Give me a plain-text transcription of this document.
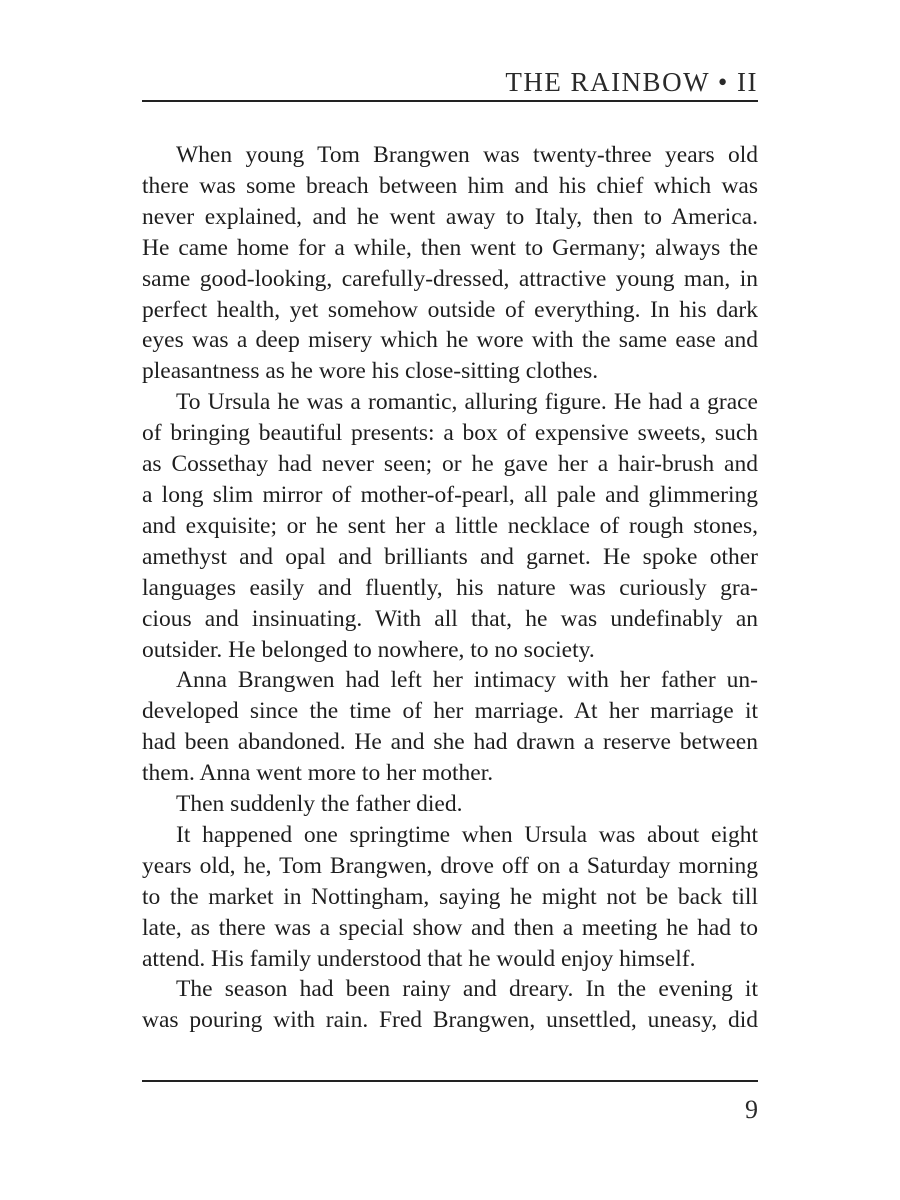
THE RAINBOW • II

When young Tom Brangwen was twenty-three years old
there was some breach between him and his chief which was
never explained, and he went away to Italy, then to America.
He came home for a while, then went to Germany; always the
same good-looking, carefully-dressed, attractive young man, in
perfect health, yet somehow outside of everything. In his dark
eyes was a deep misery which he wore with the same ease and
pleasantness as he wore his close-sitting clothes.

To Ursula he was a romantic, alluring figure. He had a grace
of bringing beautiful presents: a box of expensive sweets, such
as Cossethay had never seen; or he gave her a hair-brush and
a long slim mirror of mother-of-pearl, all pale and glimmering
and exquisite; or he sent her a little necklace of rough stones,
amethyst and opal and brilliants and garnet. He spoke other
languages easily and fluently, his nature was curiously gra-
cious and insinuating. With all that, he was undefinably an
outsider. He belonged to nowhere, to no society.

Anna Brangwen had left her intimacy with her father un-
developed since the time of her marriage. At her marriage it
had been abandoned. He and she had drawn a reserve between
them. Anna went more to her mother.

Then suddenly the father died.

It happened one springtime when Ursula was about eight
years old, he, Tom Brangwen, drove off on a Saturday morning
to the market in Nottingham, saying he might not be back till
late, as there was a special show and then a meeting he had to
attend. His family understood that he would enjoy himself.

The season had been rainy and dreary. In the evening it
was pouring with rain. Fred Brangwen, unsettled, uneasy, did

9
